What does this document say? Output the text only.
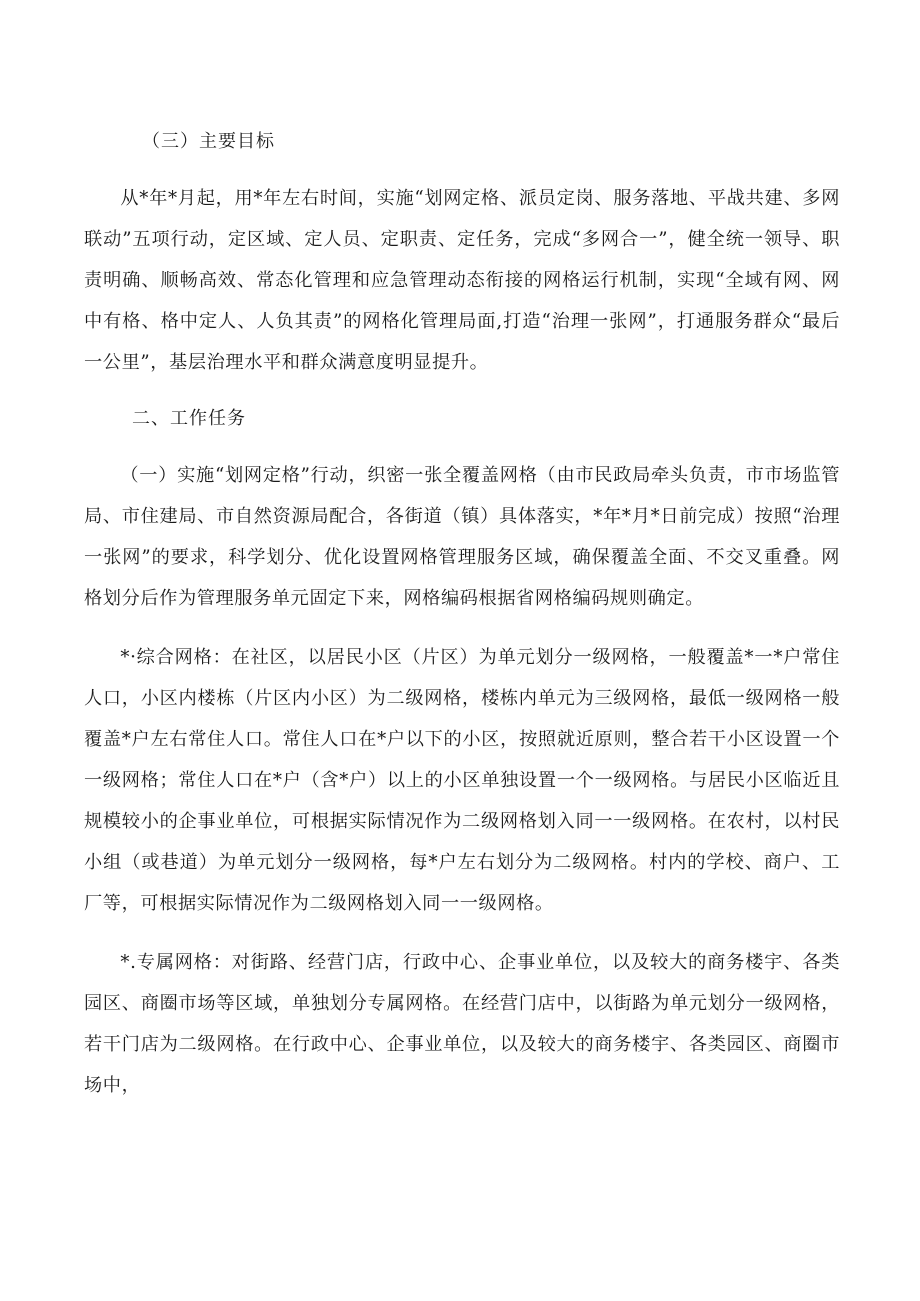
（三）主要目标

从*年*月起，用*年左右时间，实施“划网定格、派员定岗、服务落地、平战共建、多网联动”五项行动，定区域、定人员、定职责、定任务，完成“多网合一”，健全统一领导、职责明确、顺畅高效、常态化管理和应急管理动态衔接的网格运行机制，实现“全域有网、网中有格、格中定人、人负其责”的网格化管理局面,打造“治理一张网”，打通服务群众“最后一公里”，基层治理水平和群众满意度明显提升。

二、工作任务

（一）实施“划网定格”行动，织密一张全覆盖网格（由市民政局牵头负责，市市场监管局、市住建局、市自然资源局配合，各街道（镇）具体落实，*年*月*日前完成）按照“治理一张网”的要求，科学划分、优化设置网格管理服务区域，确保覆盖全面、不交叉重叠。网格划分后作为管理服务单元固定下来，网格编码根据省网格编码规则确定。

*·综合网格：在社区，以居民小区（片区）为单元划分一级网格，一般覆盖*一*户常住人口，小区内楼栋（片区内小区）为二级网格，楼栋内单元为三级网格，最低一级网格一般覆盖*户左右常住人口。常住人口在*户以下的小区，按照就近原则，整合若干小区设置一个一级网格；常住人口在*户（含*户）以上的小区单独设置一个一级网格。与居民小区临近且规模较小的企事业单位，可根据实际情况作为二级网格划入同一一级网格。在农村，以村民小组（或巷道）为单元划分一级网格，每*户左右划分为二级网格。村内的学校、商户、工厂等，可根据实际情况作为二级网格划入同一一级网格。

*.专属网格：对街路、经营门店，行政中心、企事业单位，以及较大的商务楼宇、各类园区、商圈市场等区域，单独划分专属网格。在经营门店中，以街路为单元划分一级网格，若干门店为二级网格。在行政中心、企事业单位，以及较大的商务楼宇、各类园区、商圈市场中，
